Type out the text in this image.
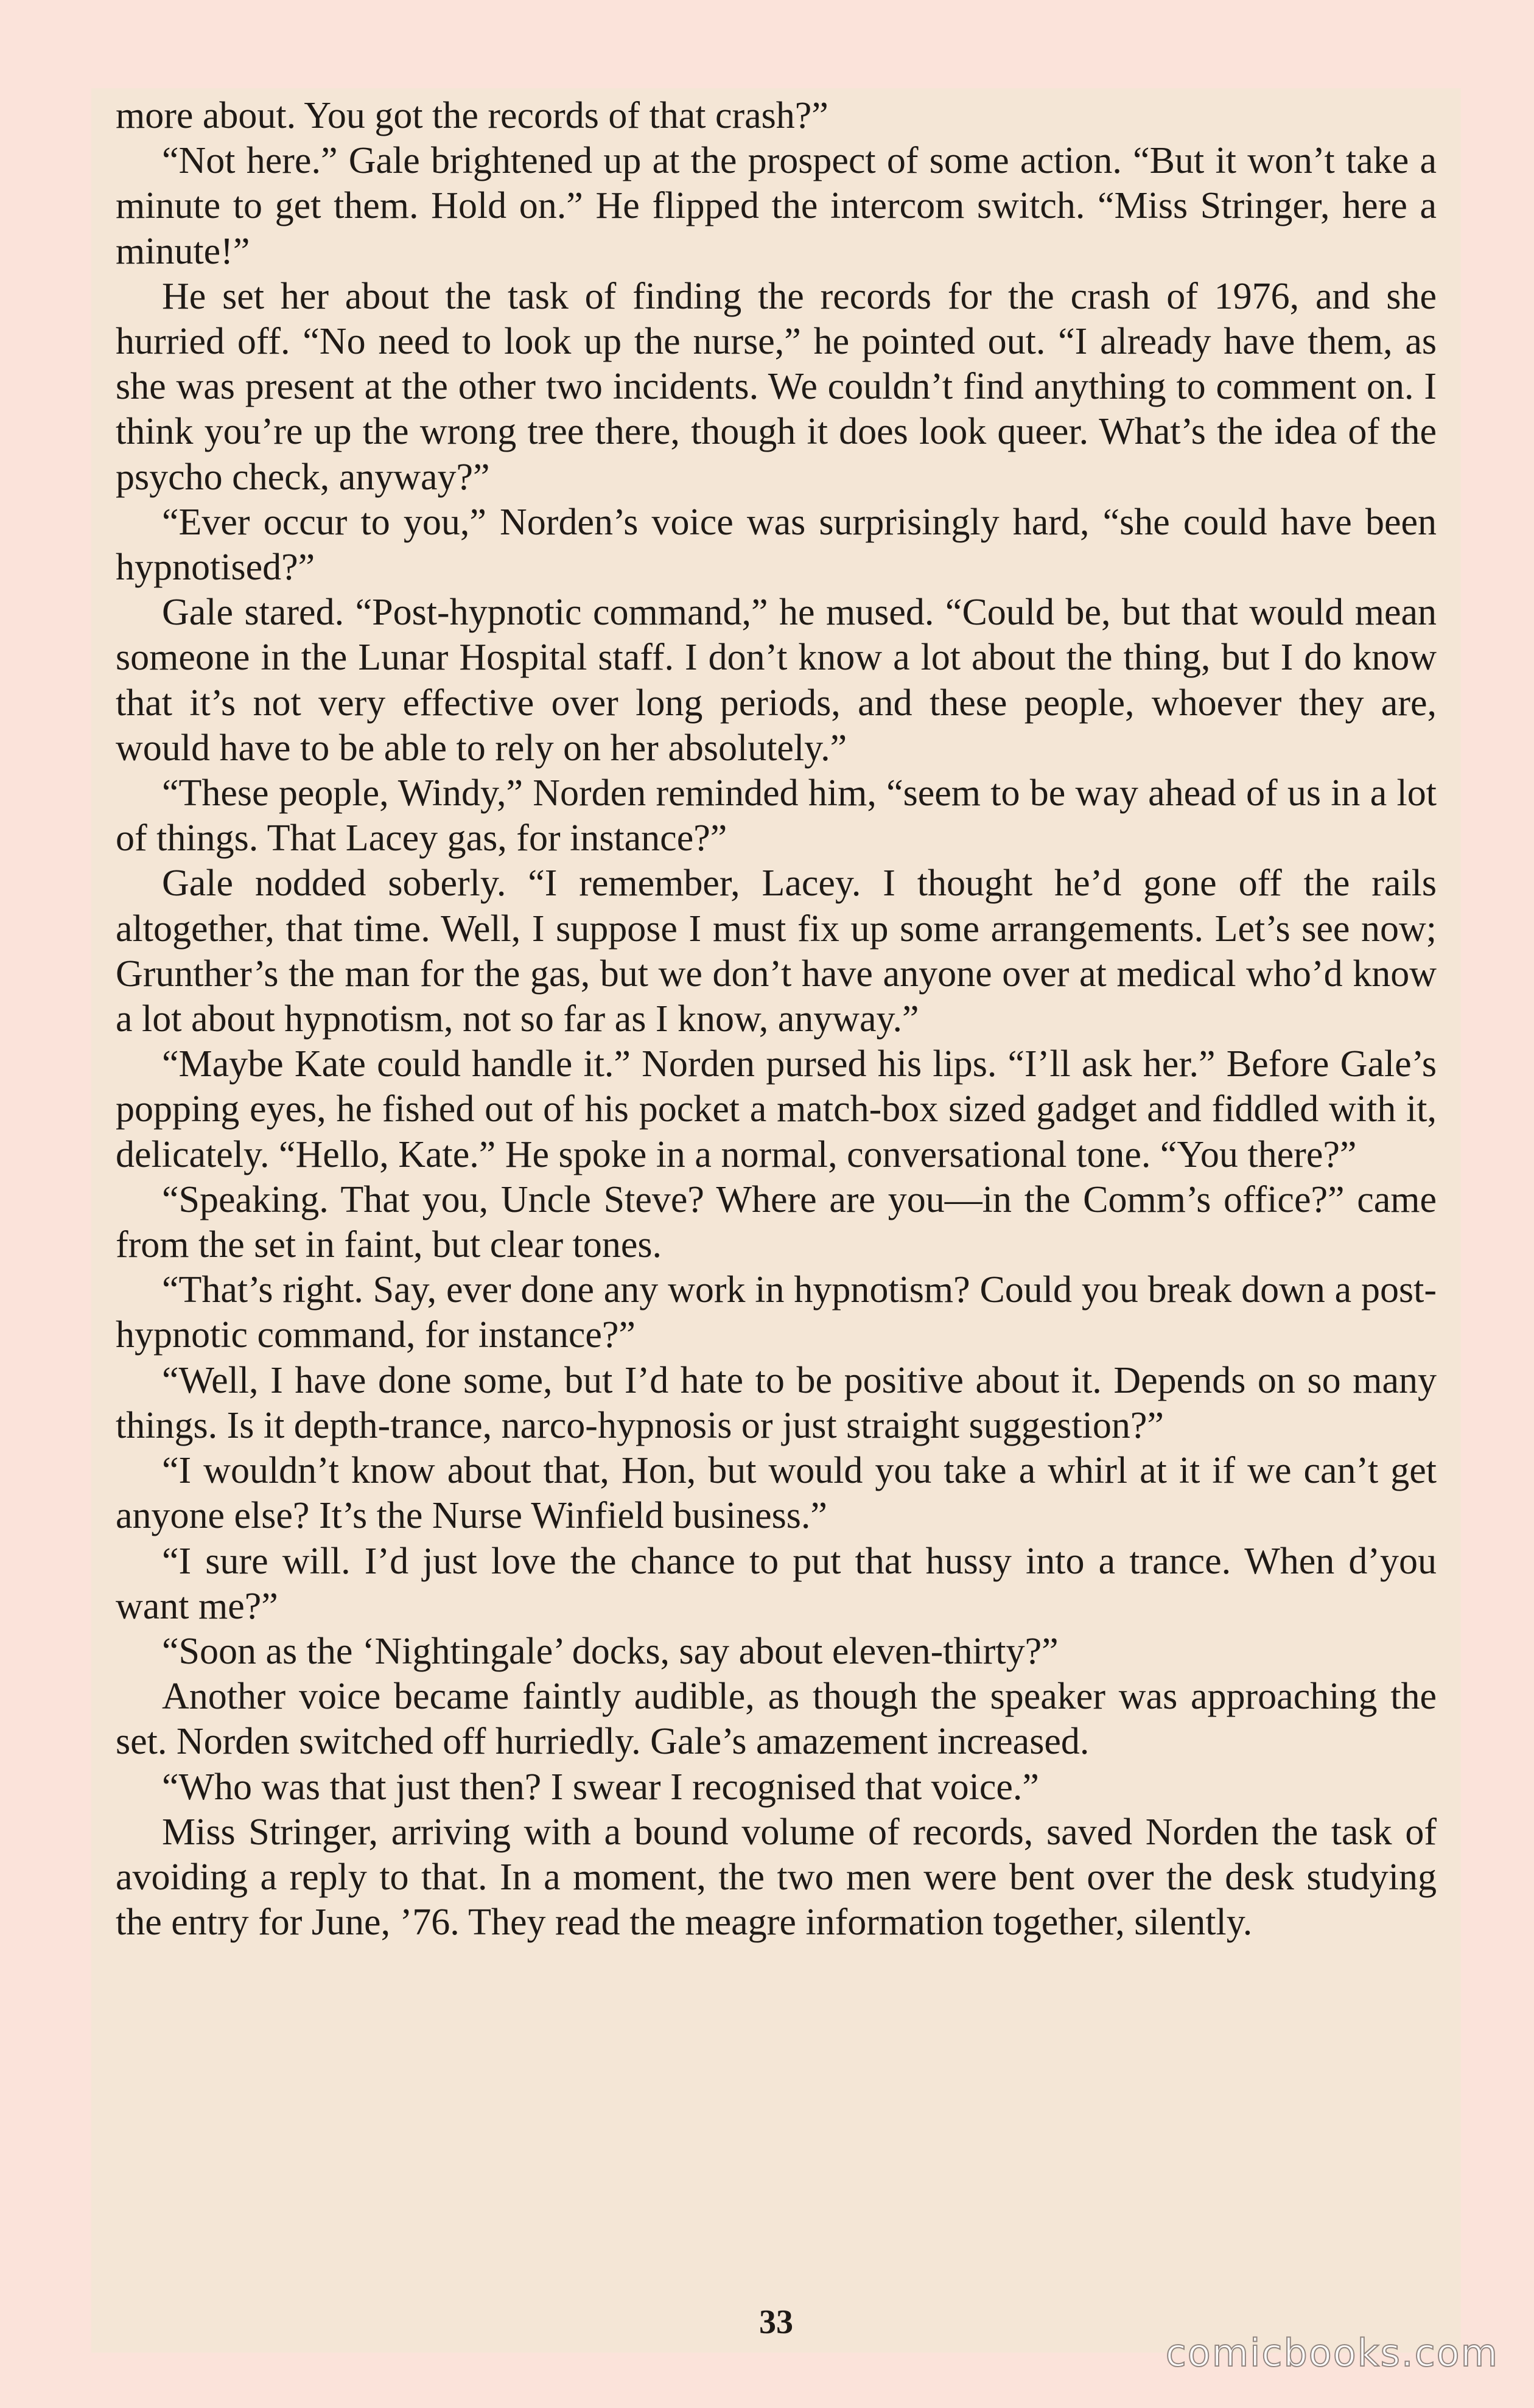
more about. You got the records of that crash?”

“Not here.” Gale brightened up at the prospect of some action. “But it won’t take a minute to get them. Hold on.” He flipped the intercom switch. “Miss Stringer, here a minute!”

He set her about the task of finding the records for the crash of 1976, and she hurried off. “No need to look up the nurse,” he pointed out. “I already have them, as she was present at the other two incidents. We couldn’t find anything to comment on. I think you’re up the wrong tree there, though it does look queer. What’s the idea of the psycho check, anyway?”

“Ever occur to you,” Norden’s voice was surprisingly hard, “she could have been hypnotised?”

Gale stared. “Post-hypnotic command,” he mused. “Could be, but that would mean someone in the Lunar Hospital staff. I don’t know a lot about the thing, but I do know that it’s not very effective over long periods, and these people, whoever they are, would have to be able to rely on her absolutely.”

“These people, Windy,” Norden reminded him, “seem to be way ahead of us in a lot of things. That Lacey gas, for instance?”

Gale nodded soberly. “I remember, Lacey. I thought he’d gone off the rails altogether, that time. Well, I suppose I must fix up some arrangements. Let’s see now; Grunther’s the man for the gas, but we don’t have anyone over at medical who’d know a lot about hypnotism, not so far as I know, anyway.”

“Maybe Kate could handle it.” Norden pursed his lips. “I’ll ask her.” Before Gale’s popping eyes, he fished out of his pocket a match-box sized gadget and fiddled with it, delicately. “Hello, Kate.” He spoke in a normal, conversational tone. “You there?”

“Speaking. That you, Uncle Steve? Where are you—in the Comm’s office?” came from the set in faint, but clear tones.

“That’s right. Say, ever done any work in hypnotism? Could you break down a post-hypnotic command, for instance?”

“Well, I have done some, but I’d hate to be positive about it. Depends on so many things. Is it depth-trance, narco-hypnosis or just straight suggestion?”

“I wouldn’t know about that, Hon, but would you take a whirl at it if we can’t get anyone else? It’s the Nurse Winfield business.”

“I sure will. I’d just love the chance to put that hussy into a trance. When d’you want me?”

“Soon as the ‘Nightingale’ docks, say about eleven-thirty?”

Another voice became faintly audible, as though the speaker was approaching the set. Norden switched off hurriedly. Gale’s amazement increased.

“Who was that just then? I swear I recognised that voice.”

Miss Stringer, arriving with a bound volume of records, saved Norden the task of avoiding a reply to that. In a moment, the two men were bent over the desk studying the entry for June, ’76. They read the meagre information together, silently.

33
comicbooks.com
